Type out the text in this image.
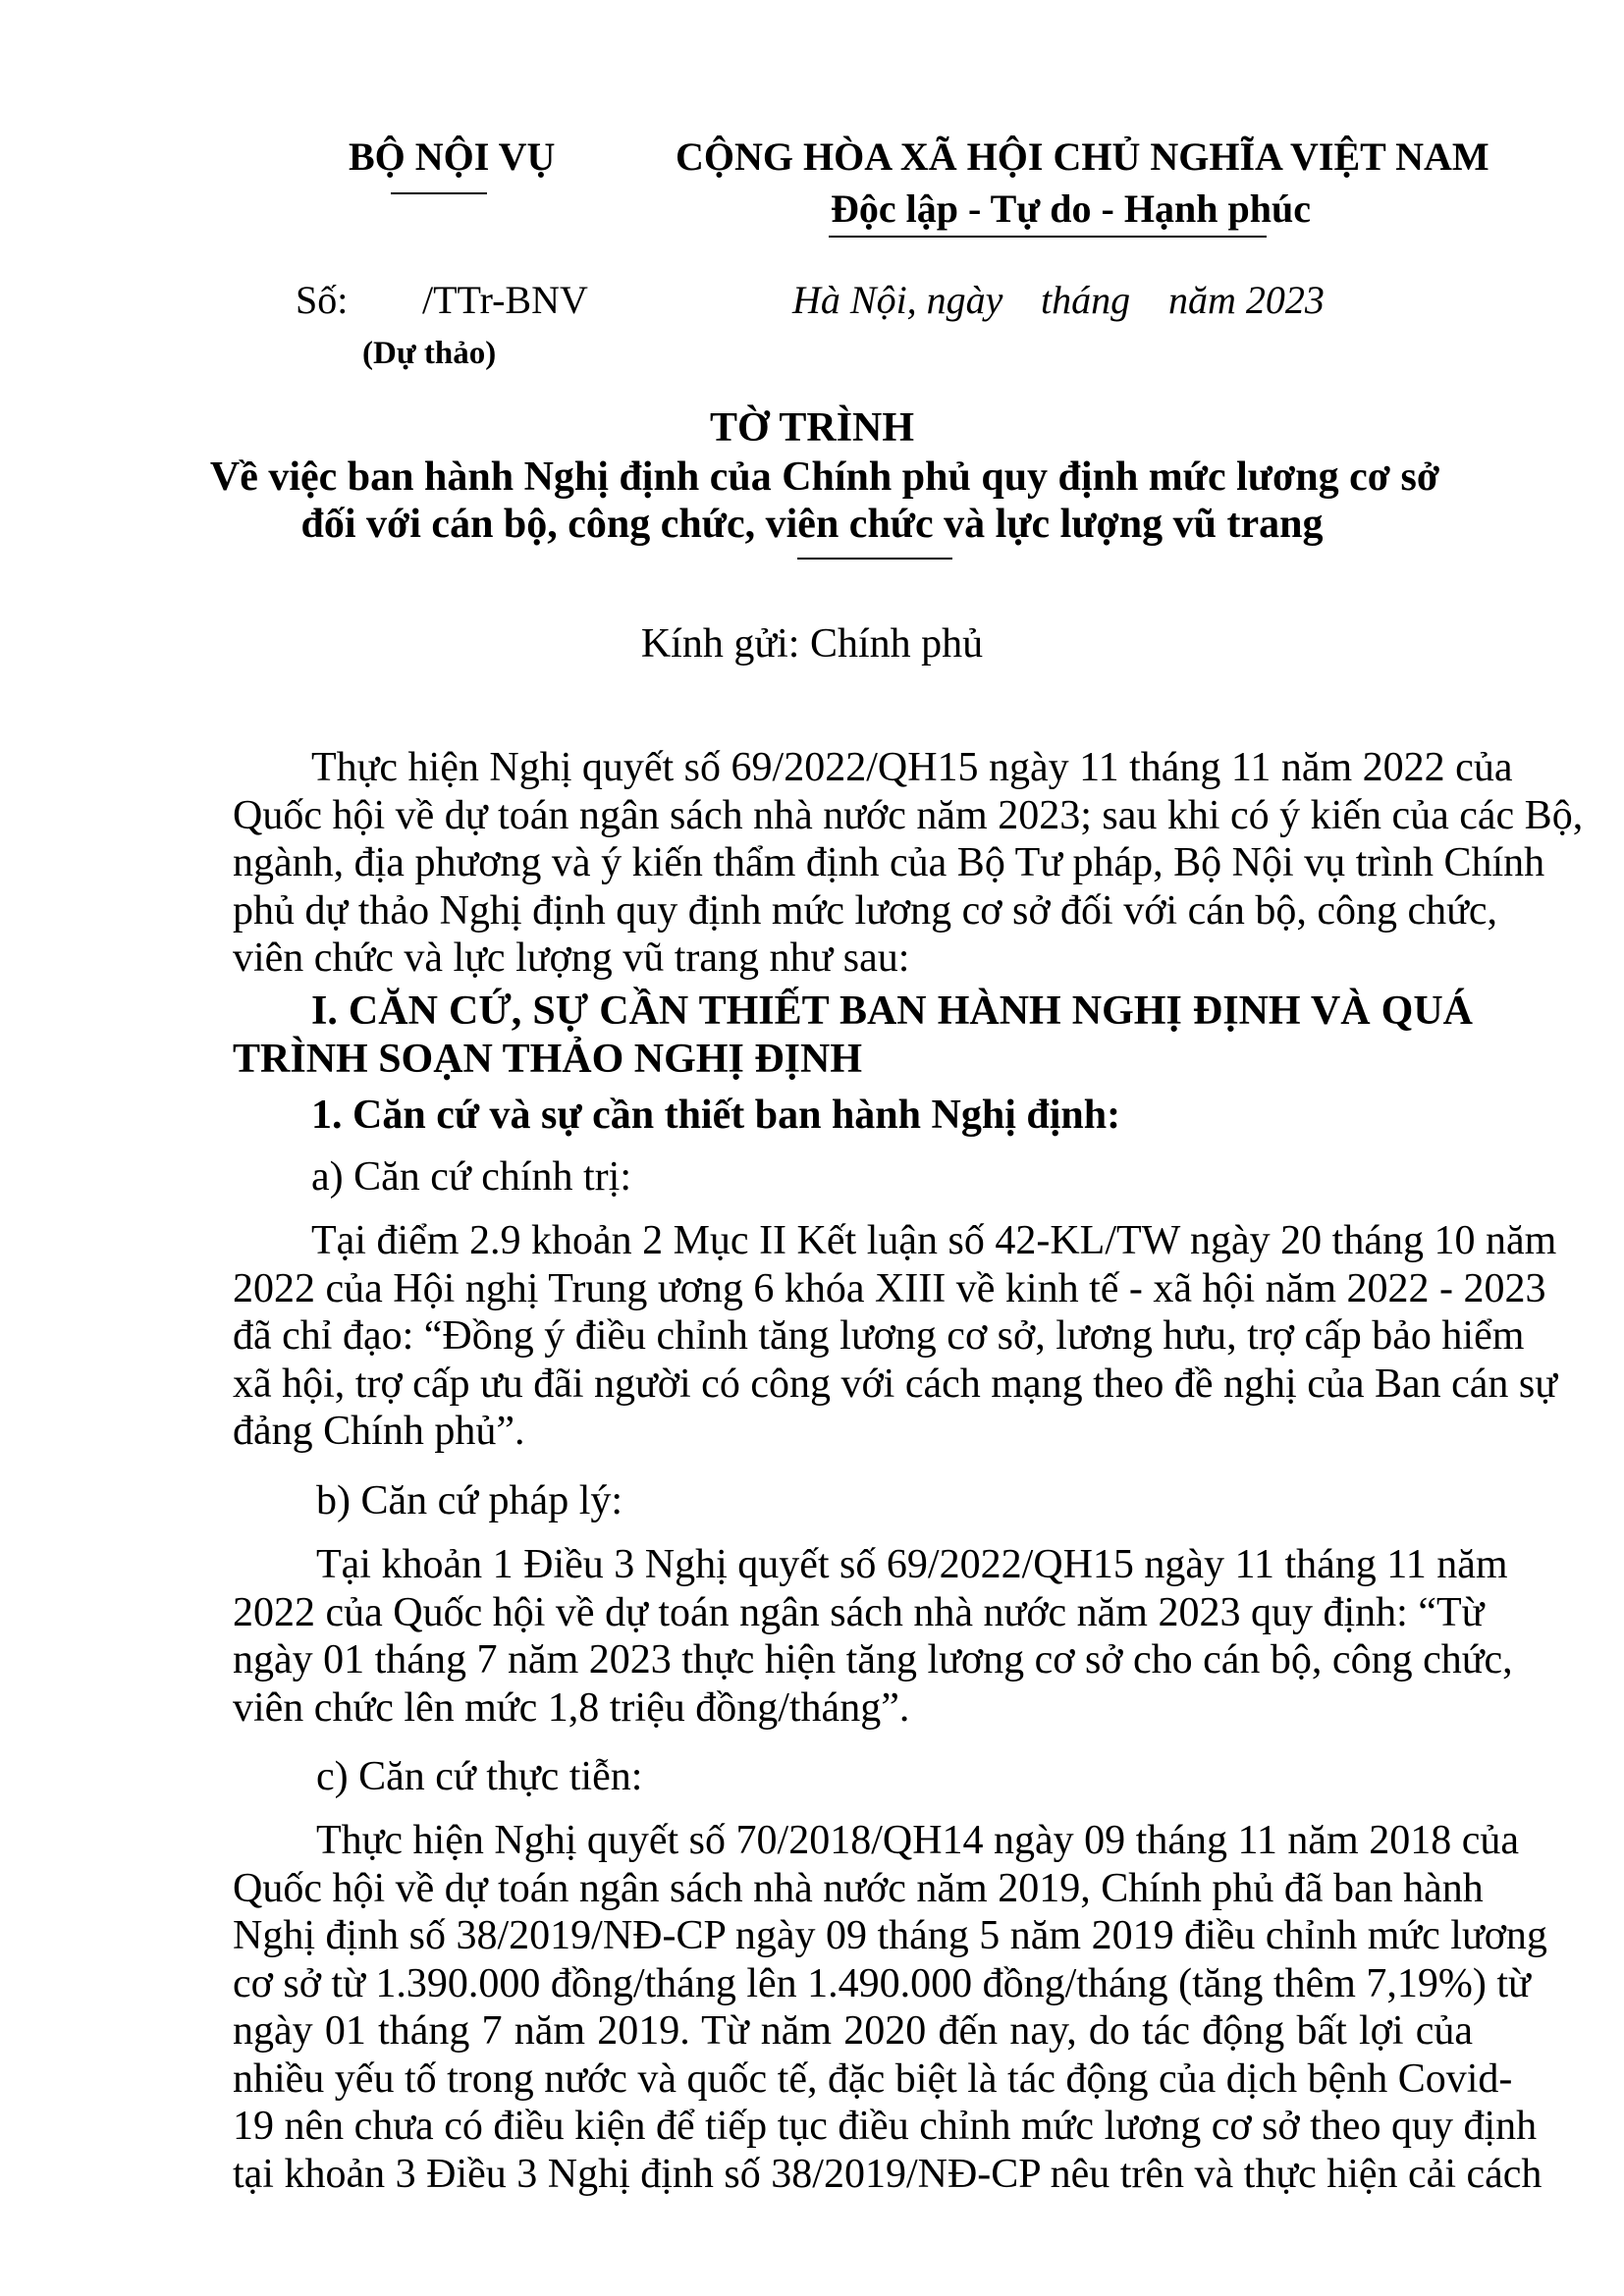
BỘ NỘI VỤ	CỘNG HÒA XÃ HỘI CHỦ NGHĨA VIỆT NAM
Độc lập - Tự do - Hạnh phúc
Số: /TTr-BNV	Hà Nội, ngày tháng năm 2023
(Dự thảo)
TỜ TRÌNH
Về việc ban hành Nghị định của Chính phủ quy định mức lương cơ sở
đối với cán bộ, công chức, viên chức và lực lượng vũ trang
Kính gửi: Chính phủ
Thực hiện Nghị quyết số 69/2022/QH15 ngày 11 tháng 11 năm 2022 của
Quốc hội về dự toán ngân sách nhà nước năm 2023; sau khi có ý kiến của các Bộ,
ngành, địa phương và ý kiến thẩm định của Bộ Tư pháp, Bộ Nội vụ trình Chính
phủ dự thảo Nghị định quy định mức lương cơ sở đối với cán bộ, công chức,
viên chức và lực lượng vũ trang như sau:
I. CĂN CỨ, SỰ CẦN THIẾT BAN HÀNH NGHỊ ĐỊNH VÀ QUÁ
TRÌNH SOẠN THẢO NGHỊ ĐỊNH
1. Căn cứ và sự cần thiết ban hành Nghị định:
a) Căn cứ chính trị:
Tại điểm 2.9 khoản 2 Mục II Kết luận số 42-KL/TW ngày 20 tháng 10 năm
2022 của Hội nghị Trung ương 6 khóa XIII về kinh tế - xã hội năm 2022 - 2023
đã chỉ đạo: “Đồng ý điều chỉnh tăng lương cơ sở, lương hưu, trợ cấp bảo hiểm
xã hội, trợ cấp ưu đãi người có công với cách mạng theo đề nghị của Ban cán sự
đảng Chính phủ”.
b) Căn cứ pháp lý:
Tại khoản 1 Điều 3 Nghị quyết số 69/2022/QH15 ngày 11 tháng 11 năm
2022 của Quốc hội về dự toán ngân sách nhà nước năm 2023 quy định: “Từ
ngày 01 tháng 7 năm 2023 thực hiện tăng lương cơ sở cho cán bộ, công chức,
viên chức lên mức 1,8 triệu đồng/tháng”.
c) Căn cứ thực tiễn:
Thực hiện Nghị quyết số 70/2018/QH14 ngày 09 tháng 11 năm 2018 của
Quốc hội về dự toán ngân sách nhà nước năm 2019, Chính phủ đã ban hành
Nghị định số 38/2019/NĐ-CP ngày 09 tháng 5 năm 2019 điều chỉnh mức lương
cơ sở từ 1.390.000 đồng/tháng lên 1.490.000 đồng/tháng (tăng thêm 7,19%) từ
ngày 01 tháng 7 năm 2019. Từ năm 2020 đến nay, do tác động bất lợi của
nhiều yếu tố trong nước và quốc tế, đặc biệt là tác động của dịch bệnh Covid-
19 nên chưa có điều kiện để tiếp tục điều chỉnh mức lương cơ sở theo quy định
tại khoản 3 Điều 3 Nghị định số 38/2019/NĐ-CP nêu trên và thực hiện cải cách
